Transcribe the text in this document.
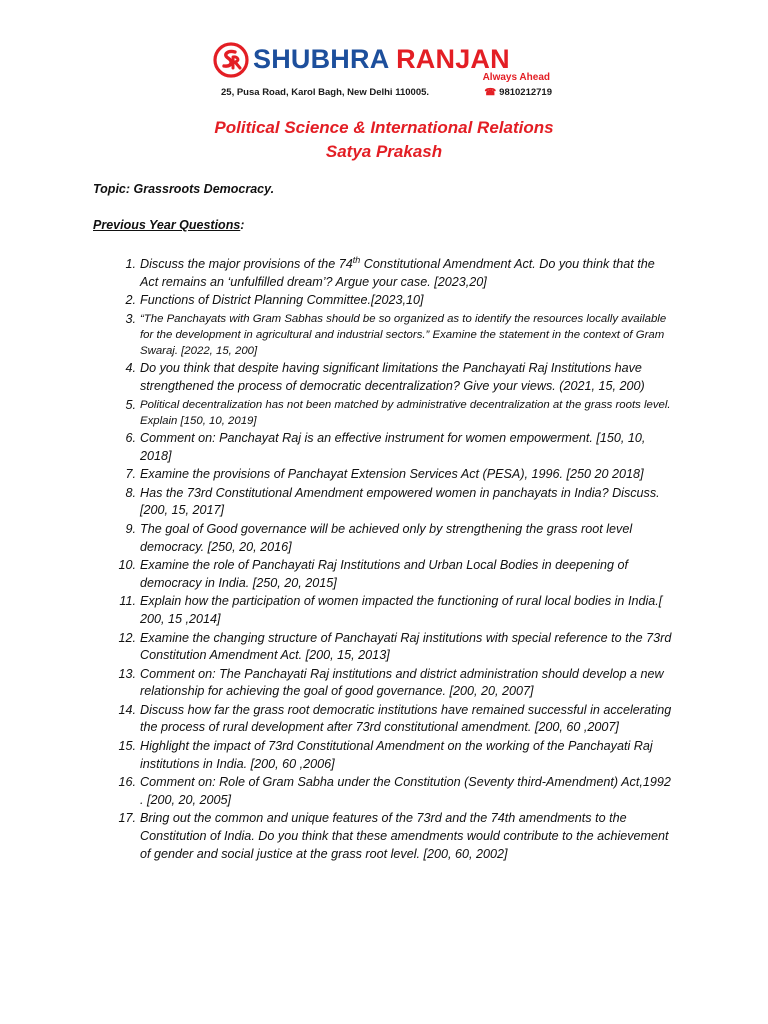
SHUBHRA RANJAN
Always Ahead
25, Pusa Road, Karol Bagh, New Delhi 110005.	☎ 9810212719
Political Science & International Relations
Satya Prakash
Topic: Grassroots Democracy.
Previous Year Questions:
1. Discuss the major provisions of the 74th Constitutional Amendment Act. Do you think that the Act remains an ‘unfulfilled dream’? Argue your case. [2023,20]
2. Functions of District Planning Committee.[2023,10]
3. “The Panchayats with Gram Sabhas should be so organized as to identify the resources locally available for the development in agricultural and industrial sectors.” Examine the statement in the context of Gram Swaraj. [2022, 15, 200]
4. Do you think that despite having significant limitations the Panchayati Raj Institutions have strengthened the process of democratic decentralization? Give your views. (2021, 15, 200)
5. Political decentralization has not been matched by administrative decentralization at the grass roots level. Explain [150, 10, 2019]
6. Comment on: Panchayat Raj is an effective instrument for women empowerment. [150, 10, 2018]
7. Examine the provisions of Panchayat Extension Services Act (PESA), 1996. [250 20 2018]
8. Has the 73rd Constitutional Amendment empowered women in panchayats in India? Discuss. [200, 15, 2017]
9. The goal of Good governance will be achieved only by strengthening the grass root level democracy. [250, 20, 2016]
10. Examine the role of Panchayati Raj Institutions and Urban Local Bodies in deepening of democracy in India. [250, 20, 2015]
11. Explain how the participation of women impacted the functioning of rural local bodies in India.[ 200, 15 ,2014]
12. Examine the changing structure of Panchayati Raj institutions with special reference to the 73rd Constitution Amendment Act. [200, 15, 2013]
13. Comment on: The Panchayati Raj institutions and district administration should develop a new relationship for achieving the goal of good governance. [200, 20, 2007]
14. Discuss how far the grass root democratic institutions have remained successful in accelerating the process of rural development after 73rd constitutional amendment. [200, 60 ,2007]
15. Highlight the impact of 73rd Constitutional Amendment on the working of the Panchayati Raj institutions in India. [200, 60 ,2006]
16. Comment on: Role of Gram Sabha under the Constitution (Seventy third-Amendment) Act,1992 . [200, 20, 2005]
17. Bring out the common and unique features of the 73rd and the 74th amendments to the Constitution of India. Do you think that these amendments would contribute to the achievement of gender and social justice at the grass root level. [200, 60, 2002]
